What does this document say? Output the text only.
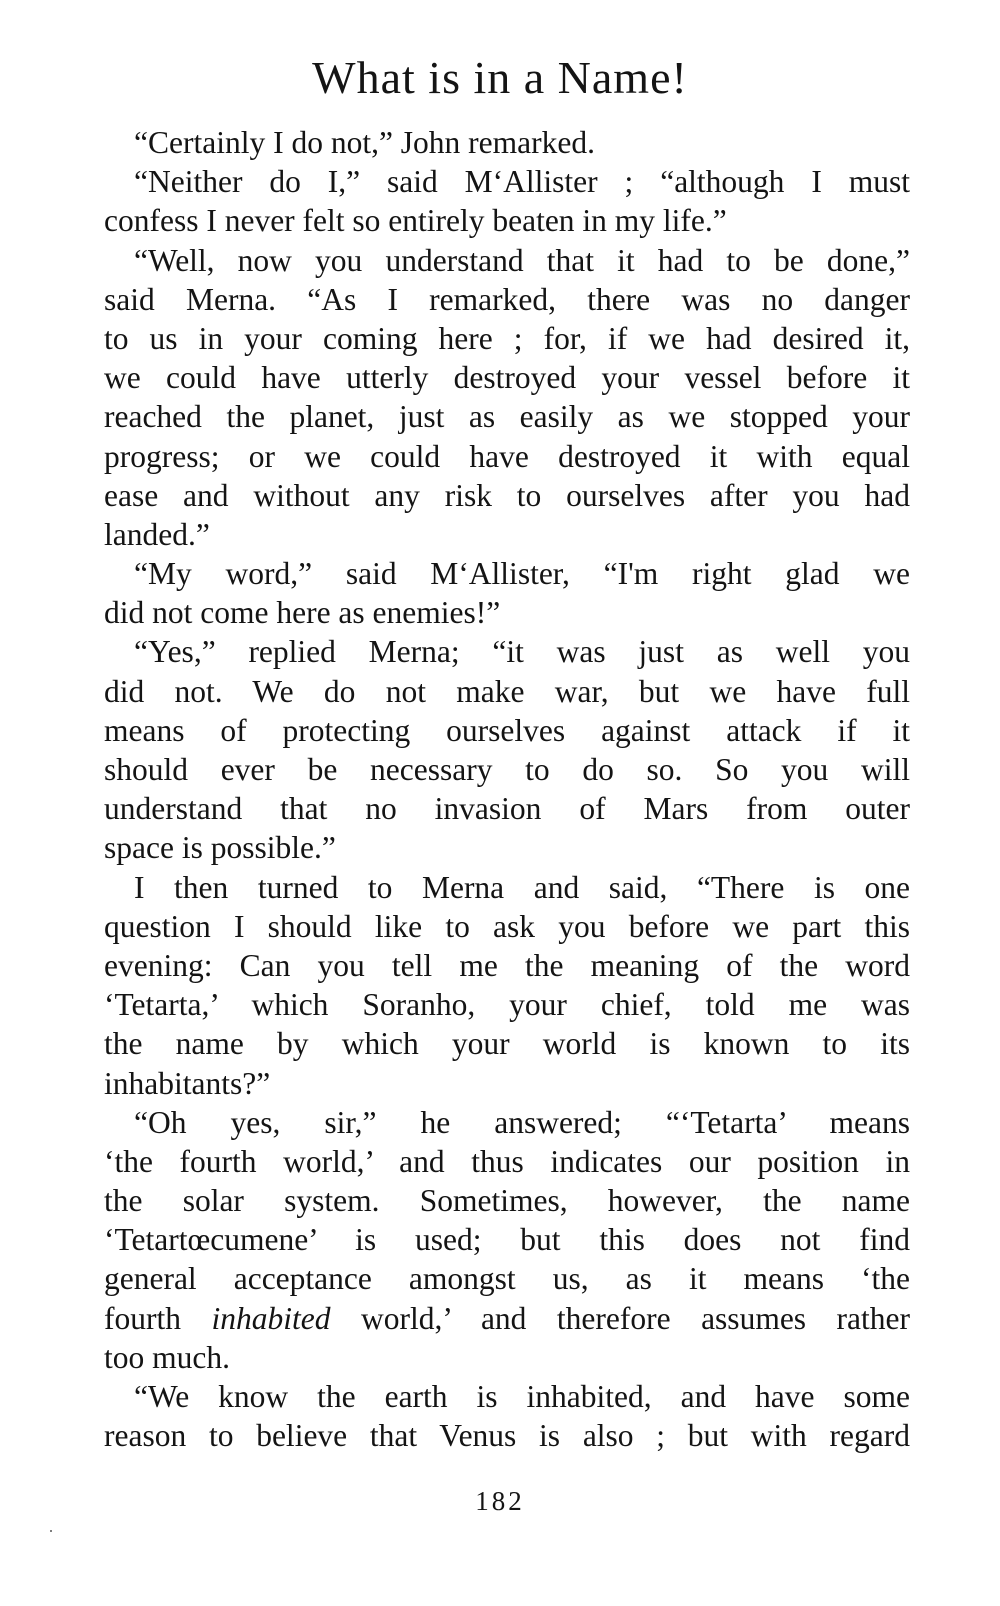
What is in a Name!
“Certainly I do not,” John remarked.
“Neither do I,” said M‘Allister ; “although I must
confess I never felt so entirely beaten in my life.”
“Well, now you understand that it had to be done,”
said Merna. “As I remarked, there was no danger
to us in your coming here ; for, if we had desired it,
we could have utterly destroyed your vessel before it
reached the planet, just as easily as we stopped your
progress; or we could have destroyed it with equal
ease and without any risk to ourselves after you had
landed.”
“My word,” said M‘Allister, “I'm right glad we
did not come here as enemies!”
“Yes,” replied Merna; “it was just as well you
did not. We do not make war, but we have full
means of protecting ourselves against attack if it
should ever be necessary to do so. So you will
understand that no invasion of Mars from outer
space is possible.”
I then turned to Merna and said, “There is one
question I should like to ask you before we part this
evening: Can you tell me the meaning of the word
‘Tetarta,’ which Soranho, your chief, told me was
the name by which your world is known to its
inhabitants?”
“Oh yes, sir,” he answered; “‘Tetarta’ means
‘the fourth world,’ and thus indicates our position in
the solar system. Sometimes, however, the name
‘Tetartœcumene’ is used; but this does not find
general acceptance amongst us, as it means ‘the
fourth inhabited world,’ and therefore assumes rather
too much.
“We know the earth is inhabited, and have some
reason to believe that Venus is also ; but with regard
182
